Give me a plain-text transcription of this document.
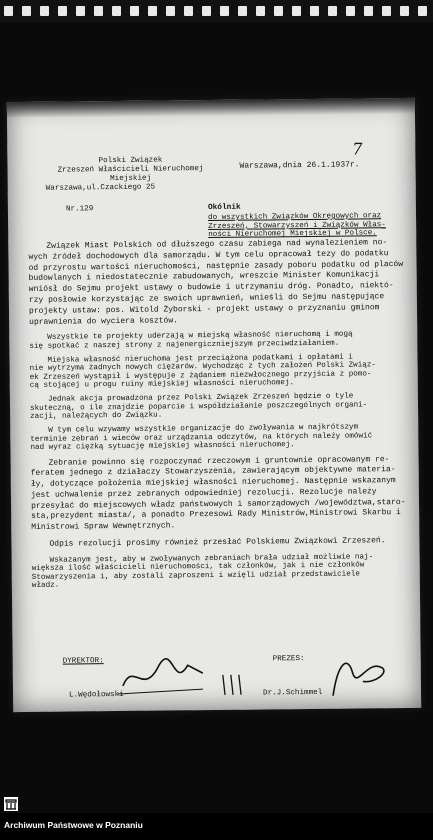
7
Polski Związek
Zrzeszeń Właścicieli Nieruchomej
Miejskiej
Warszawa,ul.Czackiego 25
Warszawa,dnia 26.1.1937r.
Nr.129	Okólnik
do wszystkich Związków Okręgowych oraz
Zrzeszeń, Stowarzyszeń i Związków Włas-
ności Nieruchomej Miejskiej w Polsce.

Związek Miast Polskich od dłuższego czasu zabiega nad wynalezieniem no-
wych źródeł dochodowych dla samorządu. W tym celu opracował tezy do podatku
od przyrostu wartości nieruchomości, następnie zasady poboru podatku od placów
budowlanych i niedostatecznie zabudowanych, wreszcie Minister Komunikacji
wniósł do Sejmu projekt ustawy o budowie i utrzymaniu dróg. Ponadto, niektó-
rzy posłowie korzystając ze swoich uprawnień, wnieśli do Sejmu następujące
projekty ustaw: pos. Witold Żyborski - projekt ustawy o przyznaniu gminom
uprawnienia do wyciera kosztów.

Wszystkie te projekty uderzają w miejską własność nieruchomą i mogą
się spotkać z naszej strony z najenergiczniejszym przeciwdziałaniem.

Miejska własność nieruchoma jest przeciążona podatkami i opłatami i
nie wytrzyma żadnych nowych ciężarów. Wychodząc z tych założeń Polski Związ-
ek Zrzeszeń wystąpił i występuje z żądaniem niezwłocznego przyjścia z pomo-
cą stojącej u progu ruiny miejskiej własności nieruchomej.

Jednak akcja prowadzona przez Polski Związek Zrzeszeń będzie o tyle
skuteczną, o ile znajdzie poparcie i współdziałanie poszczególnych organi-
zacji, należących do Związku.

W tym celu wzywamy wszystkie organizacje do zwoływania w najkrótszym
terminie zebrań i wieców oraz urządzania odczytów, na których należy omówić
nad wyraz ciężką sytuację miejskiej własności nieruchomej.

Zebranie powinno się rozpoczynać rzeczowym i gruntownie opracowanym re-
feratem jednego z działaczy Stowarzyszenia, zawierającym objektywne materia-
ły, dotyczące położenia miejskiej własności nieruchomej. Następnie wskazanym
jest uchwalenie przez zebranych odpowiedniej rezolucji. Rezolucje należy
przesyłać do miejscowych władz państwowych i samorządowych /województwa,staro-
sta,prezydent miasta/, a ponadto Prezesowi Rady Ministrów,Ministrowi Skarbu i
Ministrowi Spraw Wewnętrznych.

Odpis rezolucji prosimy również przesłać Polskiemu Związkowi Zrzeszeń.

Wskazanym jest, aby w zwoływanych zebraniach brała udział możliwie naj-
większa ilość właścicieli nieruchomości, tak członków, jak i nie członków
Stowarzyszenia i, aby zostali zaproszeni i wzięli udział przedstawiciele
władz.

DYREKTOR:
L.Wędołowski
PREZES:
Dr.J.Schimmel
Archiwum Państwowe w Poznaniu
